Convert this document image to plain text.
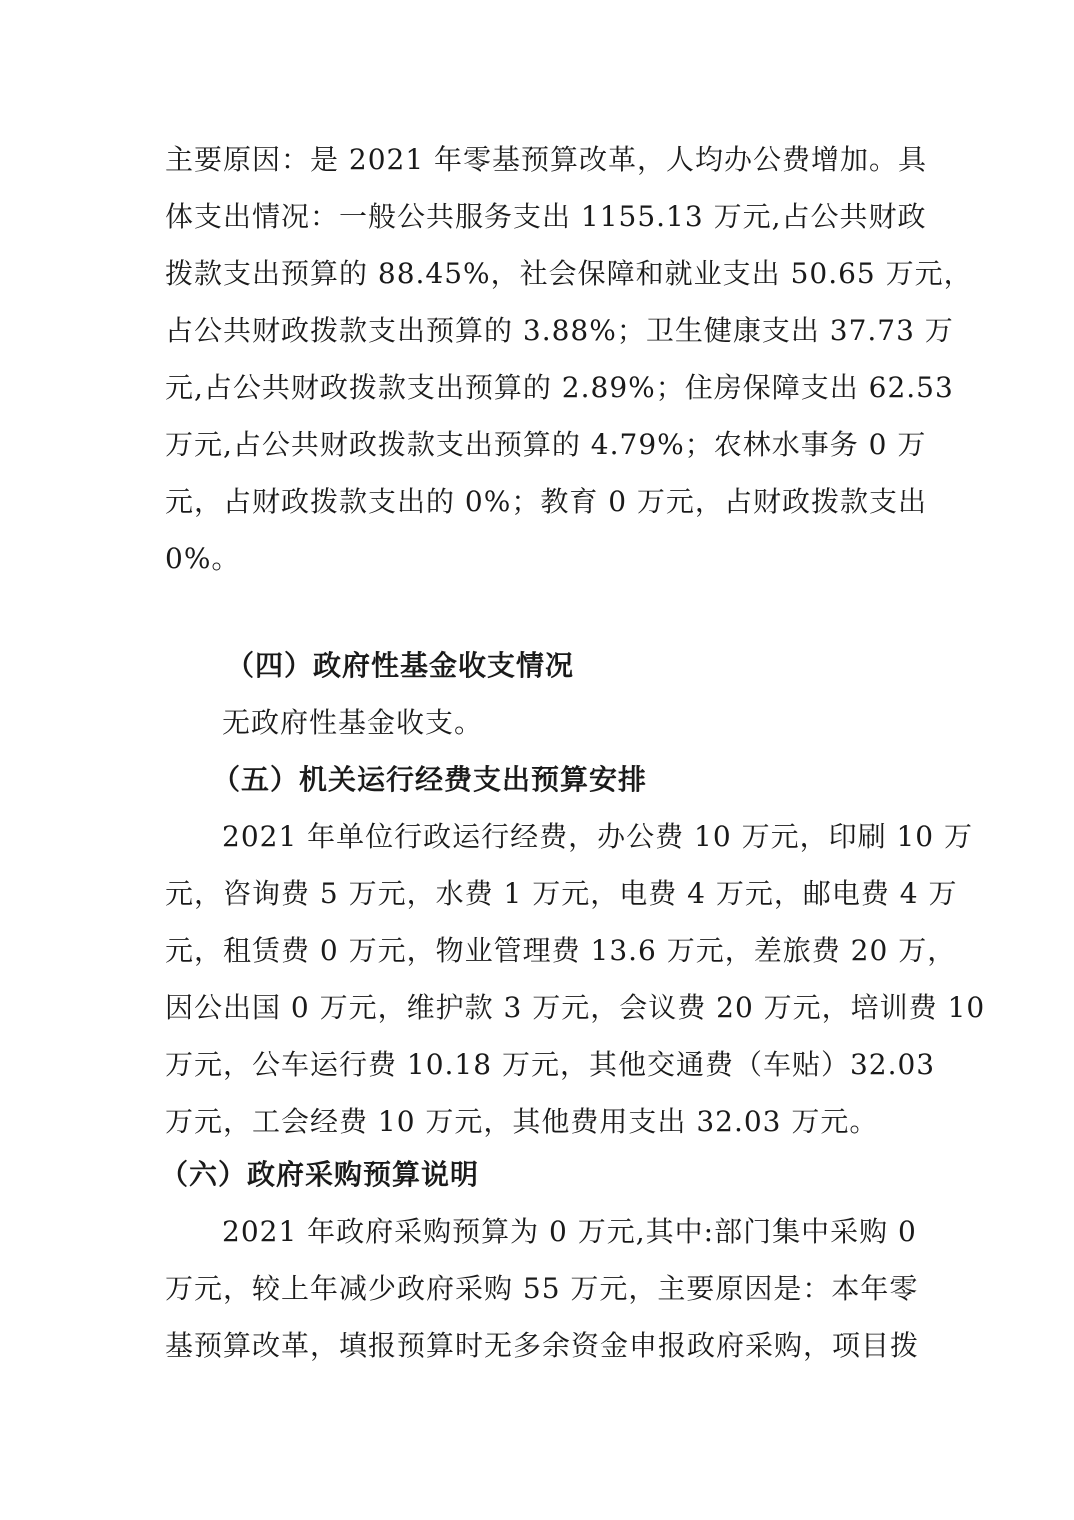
主要原因：是 2021 年零基预算改革，人均办公费增加。具
体支出情况：一般公共服务支出 1155.13 万元,占公共财政
拨款支出预算的 88.45%，社会保障和就业支出 50.65 万元，
占公共财政拨款支出预算的 3.88%；卫生健康支出 37.73 万
元,占公共财政拨款支出预算的 2.89%；住房保障支出 62.53
万元,占公共财政拨款支出预算的 4.79%；农林水事务 0 万
元，占财政拨款支出的 0%；教育 0 万元，占财政拨款支出
0%。
（四）政府性基金收支情况
无政府性基金收支。
（五）机关运行经费支出预算安排
2021 年单位行政运行经费，办公费 10 万元，印刷 10 万
元，咨询费 5 万元，水费 1 万元，电费 4 万元，邮电费 4 万
元，租赁费 0 万元，物业管理费 13.6 万元，差旅费 20 万，
因公出国 0 万元，维护款 3 万元，会议费 20 万元，培训费 10
万元，公车运行费 10.18 万元，其他交通费（车贴）32.03
万元，工会经费 10 万元，其他费用支出 32.03 万元。
（六）政府采购预算说明
2021 年政府采购预算为 0 万元,其中:部门集中采购 0
万元，较上年减少政府采购 55 万元，主要原因是：本年零
基预算改革，填报预算时无多余资金申报政府采购，项目拨
